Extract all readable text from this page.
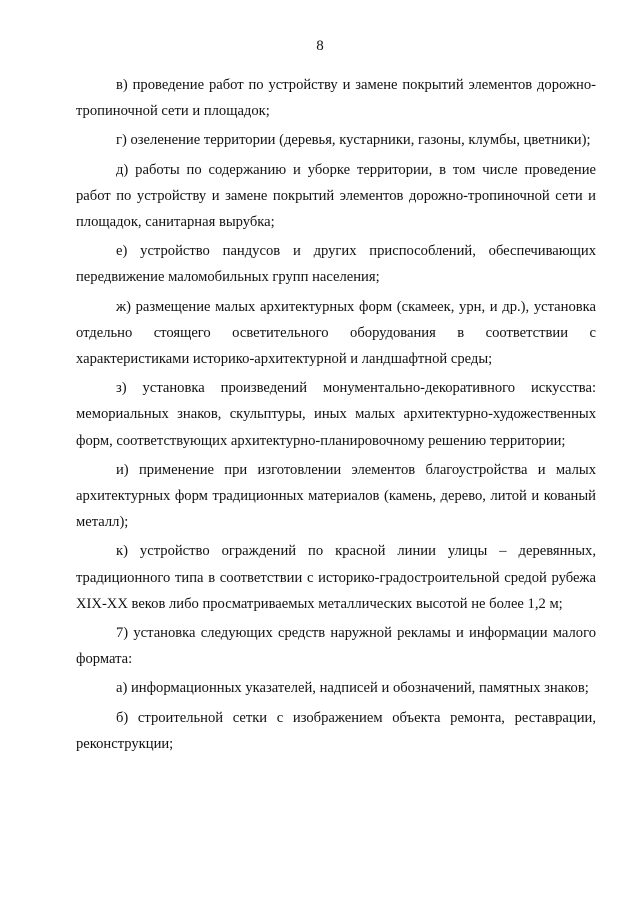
8

в) проведение работ по устройству и замене покрытий элементов дорожно-тропиночной сети и площадок;

г) озеленение территории (деревья, кустарники, газоны, клумбы, цветники);

д) работы по содержанию и уборке территории, в том числе проведение работ по устройству и замене покрытий элементов дорожно-тропиночной сети и площадок, санитарная вырубка;

е) устройство пандусов и других приспособлений, обеспечивающих передвижение маломобильных групп населения;

ж) размещение малых архитектурных форм (скамеек, урн, и др.), установка отдельно стоящего осветительного оборудования в соответствии с характеристиками историко-архитектурной и ландшафтной среды;

з) установка произведений монументально-декоративного искусства: мемориальных знаков, скульптуры, иных малых архитектурно-художественных форм, соответствующих архитектурно-планировочному решению территории;

и) применение при изготовлении элементов благоустройства и малых архитектурных форм традиционных материалов (камень, дерево, литой и кованый металл);

к) устройство ограждений по красной линии улицы – деревянных, традиционного типа в соответствии с историко-градостроительной средой рубежа XIX-XX веков либо просматриваемых металлических высотой не более 1,2 м;

7) установка следующих средств наружной рекламы и информации малого формата:

а) информационных указателей, надписей и обозначений, памятных знаков;

б) строительной сетки с изображением объекта ремонта, реставрации, реконструкции;
